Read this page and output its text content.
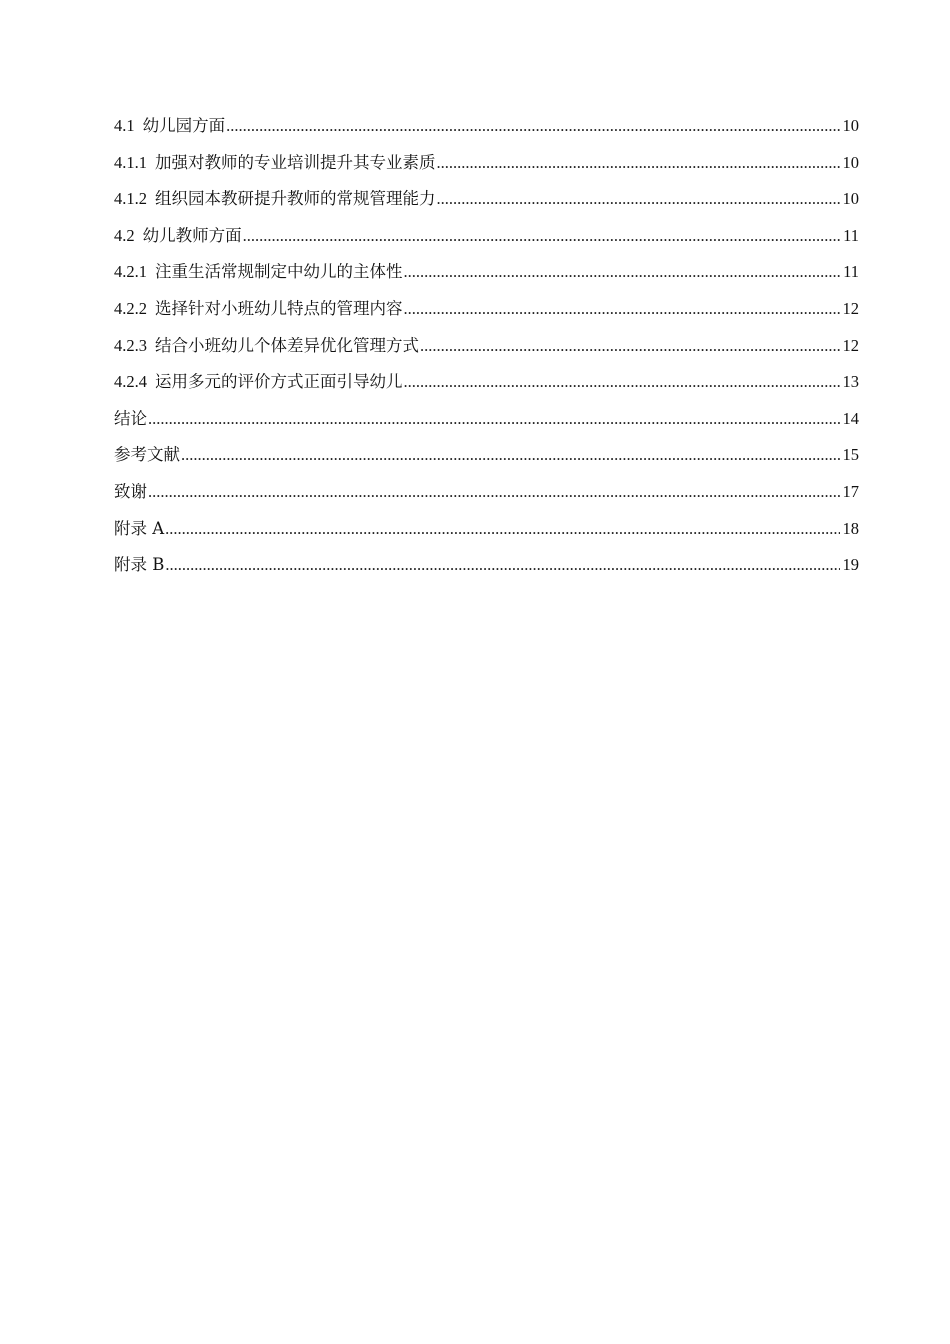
4.1 幼儿园方面 .....	10
4.1.1 加强对教师的专业培训提升其专业素质 .....	10
4.1.2 组织园本教研提升教师的常规管理能力 .....	10
4.2 幼儿教师方面 .....	11
4.2.1 注重生活常规制定中幼儿的主体性 .....	11
4.2.2 选择针对小班幼儿特点的管理内容 .....	12
4.2.3 结合小班幼儿个体差异优化管理方式 .....	12
4.2.4 运用多元的评价方式正面引导幼儿 .....	13
结论 .....	14
参考文献 .....	15
致谢 .....	17
附录 A .....	18
附录 B .....	19
